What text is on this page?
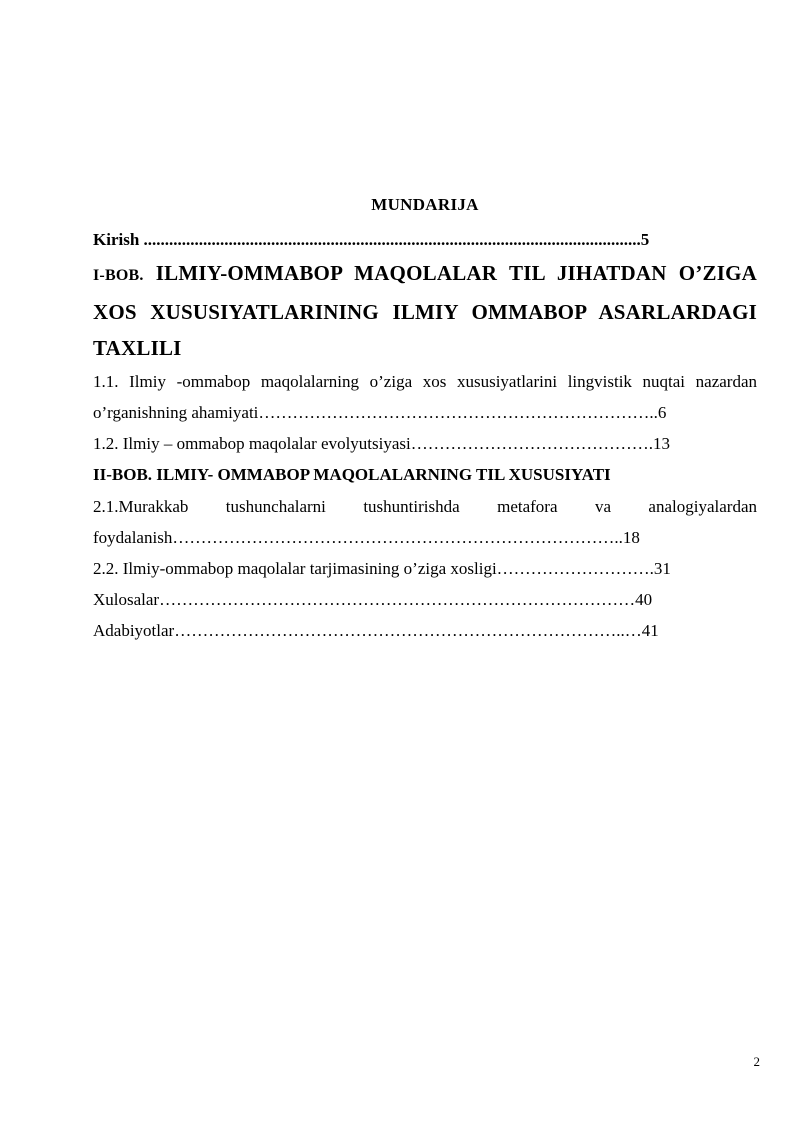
MUNDARIJA

Kirish .....................................................................................................................5

I-BOB. ILMIY-OMMABOP MAQOLALAR TIL JIHATDAN O’ZIGA XOS XUSUSIYATLARINING ILMIY OMMABOP ASARLARDAGI TAXLILI

1.1. Ilmiy -ommabop maqolalarning o’ziga xos xususiyatlarini lingvistik nuqtai nazardan

o’rganishning ahamiyati……………………………………………………………..6

1.2. Ilmiy – ommabop maqolalar evolyutsiyasi…………………………………….13

II-BOB. ILMIY- OMMABOP MAQOLALARNING TIL XUSUSIYATI

2.1.Murakkab tushunchalarni tushuntirishda metafora va analogiyalardan

foydalanish……………………………………………………………………..18

2.2. Ilmiy-ommabop maqolalar tarjimasining o’ziga xosligi……………………….31

Xulosalar…………………………………………………………………………40

Adabiyotlar……………………………………………………………………..…41

2
